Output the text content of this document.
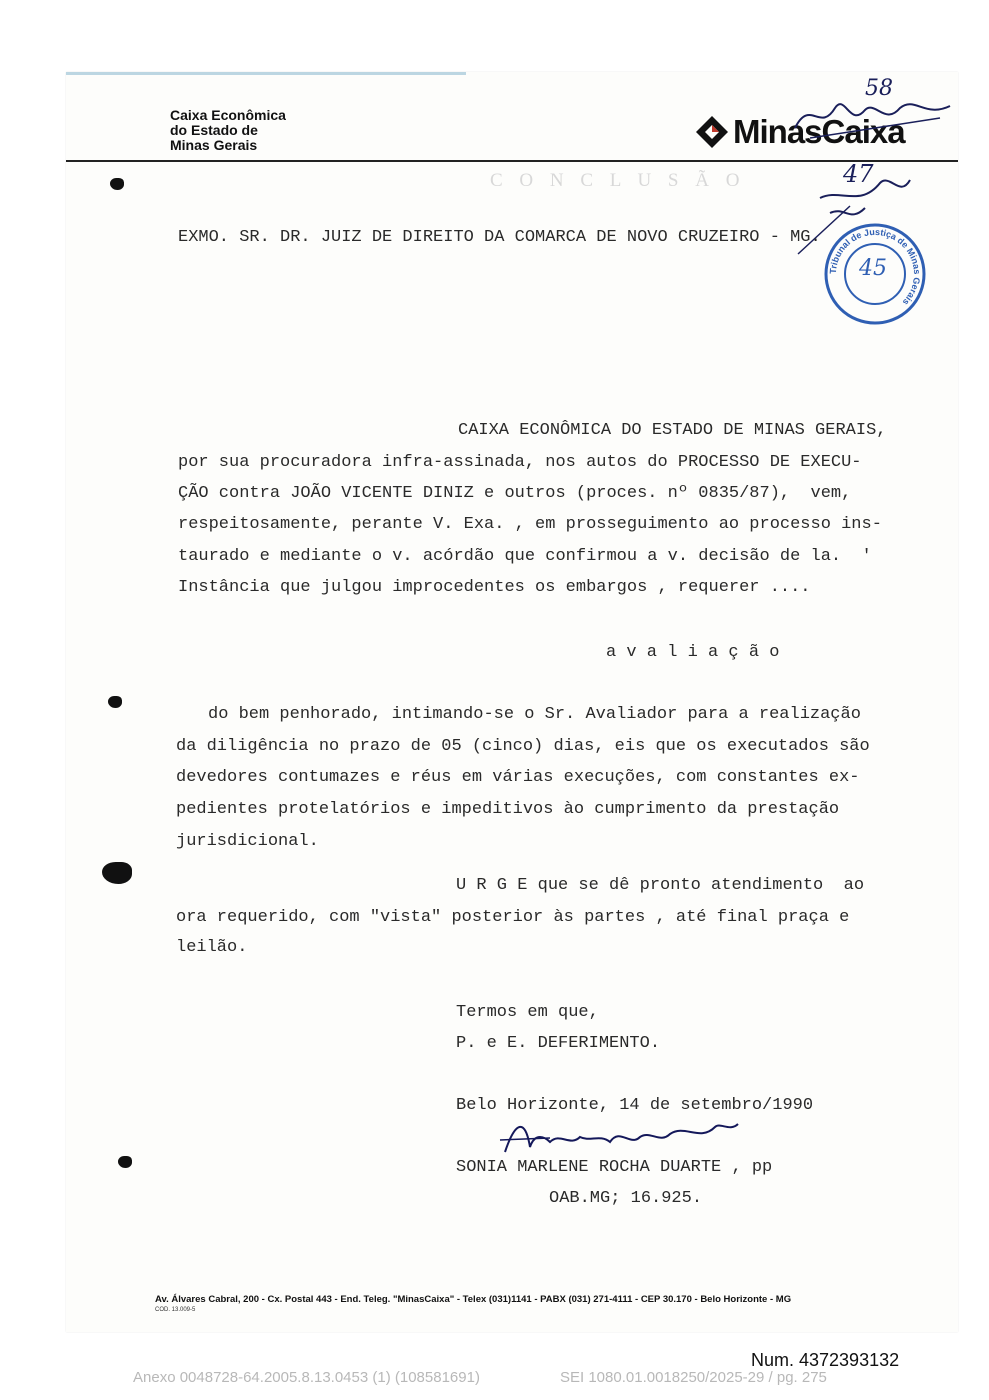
Caixa Econômica
do Estado de
Minas Gerais	MinasCaixa
58
47
Tribunal de Justiça de Minas Gerais
45
C O N C L U S Ã O
EXMO. SR. DR. JUIZ DE DIREITO DA COMARCA DE NOVO CRUZEIRO - MG.

CAIXA ECONÔMICA DO ESTADO DE MINAS GERAIS,

por sua procuradora infra-assinada, nos autos do PROCESSO DE EXECU-

ÇÃO contra JOÃO VICENTE DINIZ e outros (proces. nº 0835/87),  vem,

respeitosamente, perante V. Exa. , em prosseguimento ao processo ins-

taurado e mediante o v. acórdão que confirmou a v. decisão de la.  '

Instância que julgou improcedentes os embargos , requerer ....

a v a l i a ç ã o

do bem penhorado, intimando-se o Sr. Avaliador para a realização

da diligência no prazo de 05 (cinco) dias, eis que os executados são

devedores contumazes e réus em várias execuções, com constantes ex-

pedientes protelatórios e impeditivos ào cumprimento da prestação

jurisdicional.

U R G E que se dê pronto atendimento  ao

ora requerido, com "vista" posterior às partes , até final praça e

leilão.

Termos em que,
P. e E. DEFERIMENTO.
Belo Horizonte, 14 de setembro/1990
SONIA MARLENE ROCHA DUARTE , pp
OAB.MG; 16.925.
Av. Álvares Cabral, 200 - Cx. Postal 443 - End. Teleg. "MinasCaixa" - Telex (031)1141 - PABX (031) 271-4111 - CEP 30.170 - Belo Horizonte - MG
COD. 13.009-5
Num. 4372393132
Anexo 0048728-64.2005.8.13.0453 (1) (108581691)	SEI 1080.01.0018250/2025-29 / pg. 275
